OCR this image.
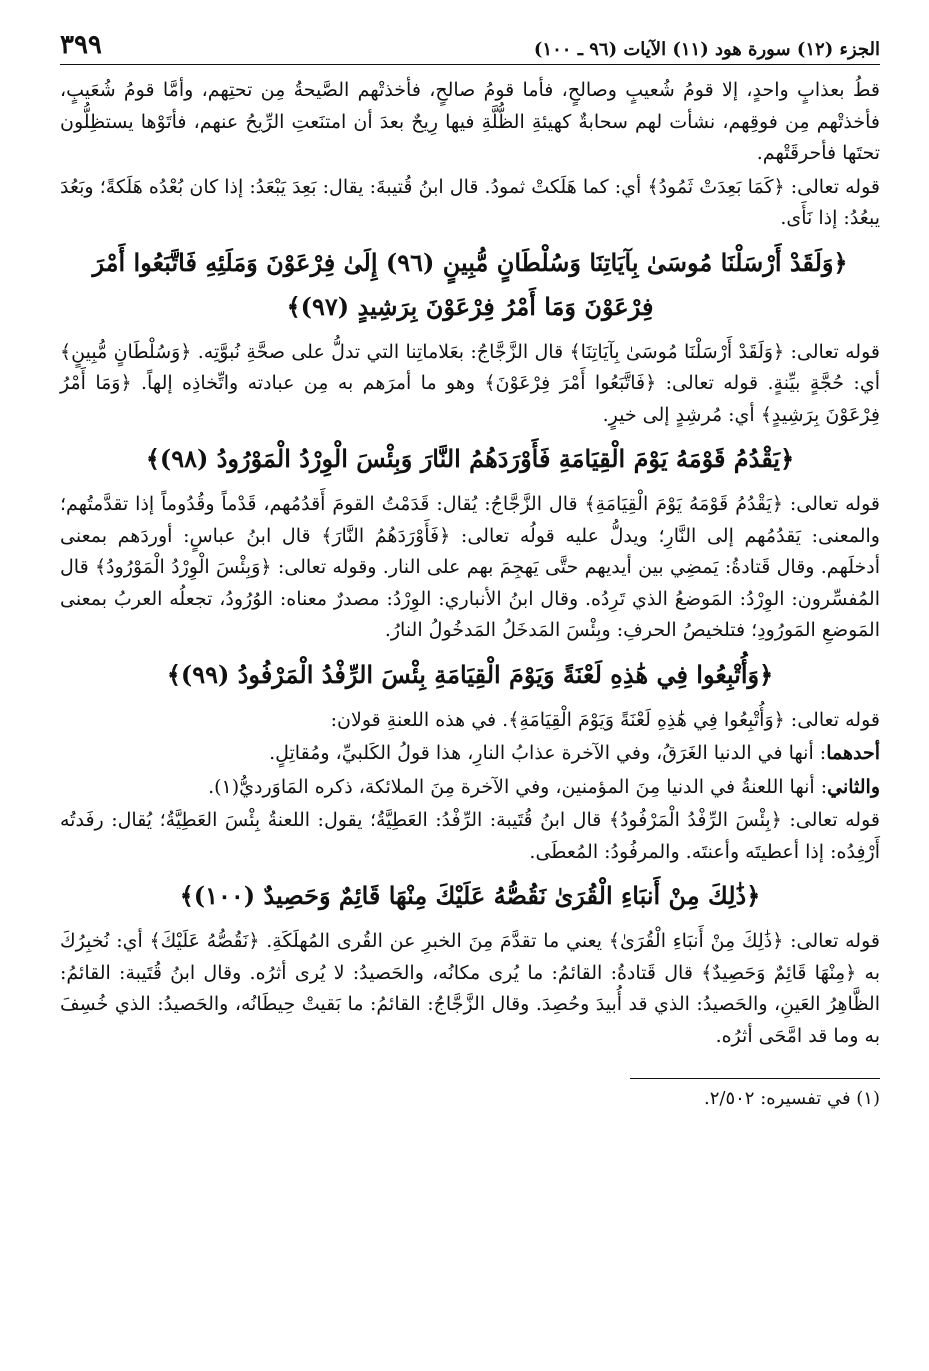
الجزء (١٢) سورة هود (١١) الآيات (٩٦ ـ ١٠٠)
٣٩٩
قطُ بعذابٍ واحدٍ، إلا قومُ شُعيبٍ وصالحٍ، فأما قومُ صالحٍ، فأخذتْهم الصَّيحةُ مِن تحتِهم، وأمَّا قومُ شُعَيبٍ، فأخذتْهم مِن فوقِهم، نشأت لهم سحابةٌ كهيئةِ الظُّلَّةِ فيها رِيحٌ بعدَ أن امتنَعتِ الرِّيحُ عنهم، فأتَوْها يستظِلُّون تحتَها فأحرقَتْهم.
قوله تعالى: ﴿كَمَا بَعِدَتْ ثَمُودُ﴾ أي: كما هَلَكتْ ثمودُ. قال ابنُ قُتيبةَ: يقال: بَعِدَ يَبْعَدُ: إذا كان بُعْدُه هَلَكةً؛ وبَعُدَ يبعُدُ: إذا نَأَى.
﴿وَلَقَدْ أَرْسَلْنَا مُوسَىٰ بِآيَاتِنَا وَسُلْطَانٍ مُّبِينٍ (٩٦) إِلَىٰ فِرْعَوْنَ وَمَلَئِهِ فَاتَّبَعُوا أَمْرَ فِرْعَوْنَ وَمَا أَمْرُ فِرْعَوْنَ بِرَشِيدٍ (٩٧)﴾
قوله تعالى: ﴿وَلَقَدْ أَرْسَلْنَا مُوسَىٰ بِآيَاتِنَا﴾ قال الزَّجَّاجُ: بعَلاماتِنا التي تدلُّ على صحَّةِ نُبوَّتِه. ﴿وَسُلْطَانٍ مُّبِينٍ﴾ أي: حُجَّةٍ بيِّنةٍ. قوله تعالى: ﴿فَاتَّبَعُوا أَمْرَ فِرْعَوْنَ﴾ وهو ما أمرَهم به مِن عبادته واتِّخاذِه إلهاً. ﴿وَمَا أَمْرُ فِرْعَوْنَ بِرَشِيدٍ﴾ أي: مُرشِدٍ إلى خيرٍ.
﴿يَقْدُمُ قَوْمَهُ يَوْمَ الْقِيَامَةِ فَأَوْرَدَهُمُ النَّارَ وَبِئْسَ الْوِرْدُ الْمَوْرُودُ (٩٨)﴾
قوله تعالى: ﴿يَقْدُمُ قَوْمَهُ يَوْمَ الْقِيَامَةِ﴾ قال الزَّجَّاجُ: يُقال: قَدَمْتُ القومَ أَقدُمُهم، قَدْماً وقُدُوماً إذا تقدَّمتُهم؛ والمعنى: يَقدُمُهم إلى النَّارِ؛ ويدلُّ عليه قولُه تعالى: ﴿فَأَوْرَدَهُمُ النَّارَ﴾ قال ابنُ عباسٍ: أوردَهم بمعنى أدخلَهم. وقال قَتادةُ: يَمضِي بين أيديهم حتَّى يَهجِمَ بهم على النار. وقوله تعالى: ﴿وَبِئْسَ الْوِرْدُ الْمَوْرُودُ﴾ قال المُفسِّرون: الوِرْدُ: المَوضعُ الذي تَرِدُه. وقال ابنُ الأنباري: الوِرْدُ: مصدرٌ معناه: الوُرُودُ، تجعلُه العربُ بمعنى المَوضعِ المَورُودِ؛ فتلخيصُ الحرفِ: وبِئْسَ المَدخَلُ المَدخُولُ النارُ.
﴿وَأُتْبِعُوا فِي هَٰذِهِ لَعْنَةً وَيَوْمَ الْقِيَامَةِ بِئْسَ الرِّفْدُ الْمَرْفُودُ (٩٩)﴾
قوله تعالى: ﴿وَأُتْبِعُوا فِي هَٰذِهِ لَعْنَةً وَيَوْمَ الْقِيَامَةِ﴾. في هذه اللعنةِ قولان:
أحدهما: أنها في الدنيا الغَرَقُ، وفي الآخرة عذابُ النارِ، هذا قولُ الكَلبيِّ، ومُقاتِلٍ.
والثاني: أنها اللعنةُ في الدنيا مِنَ المؤمنين، وفي الآخرة مِنَ الملائكة، ذكره المَاوَرديُّ(١).
قوله تعالى: ﴿بِئْسَ الرِّفْدُ الْمَرْفُودُ﴾ قال ابنُ قُتَيبة: الرِّفْدُ: العَطِيَّةُ؛ يقول: اللعنةُ بِئْسَ العَطِيَّةُ؛ يُقال: رفَدتُه أَرْفِدُه: إذا أعطيتَه وأعنتَه. والمرفُودُ: المُعطَى.
﴿ذَٰلِكَ مِنْ أَنبَاءِ الْقُرَىٰ نَقُصُّهُ عَلَيْكَ مِنْهَا قَائِمٌ وَحَصِيدٌ (١٠٠)﴾
قوله تعالى: ﴿ذَٰلِكَ مِنْ أَنبَاءِ الْقُرَىٰ﴾ يعني ما تقدَّمَ مِنَ الخبرِ عن القُرى المُهلَكَةِ. ﴿نَقُصُّهُ عَلَيْكَ﴾ أي: نُخبِرُكَ به ﴿مِنْهَا قَائِمٌ وَحَصِيدٌ﴾ قال قَتادةُ: القائمُ: ما يُرى مكانُه، والحَصيدُ: لا يُرى أثرُه. وقال ابنُ قُتَيبة: القائمُ: الظَّاهِرُ العَينِ، والحَصيدُ: الذي قد أُبيدَ وحُصِدَ. وقال الزَّجَّاجُ: القائمُ: ما بَقيتْ حِيطَانُه، والحَصيدُ: الذي خُسِفَ به وما قد امَّحَى أثرُه.
(١) في تفسيره: ٢/٥٠٢.
